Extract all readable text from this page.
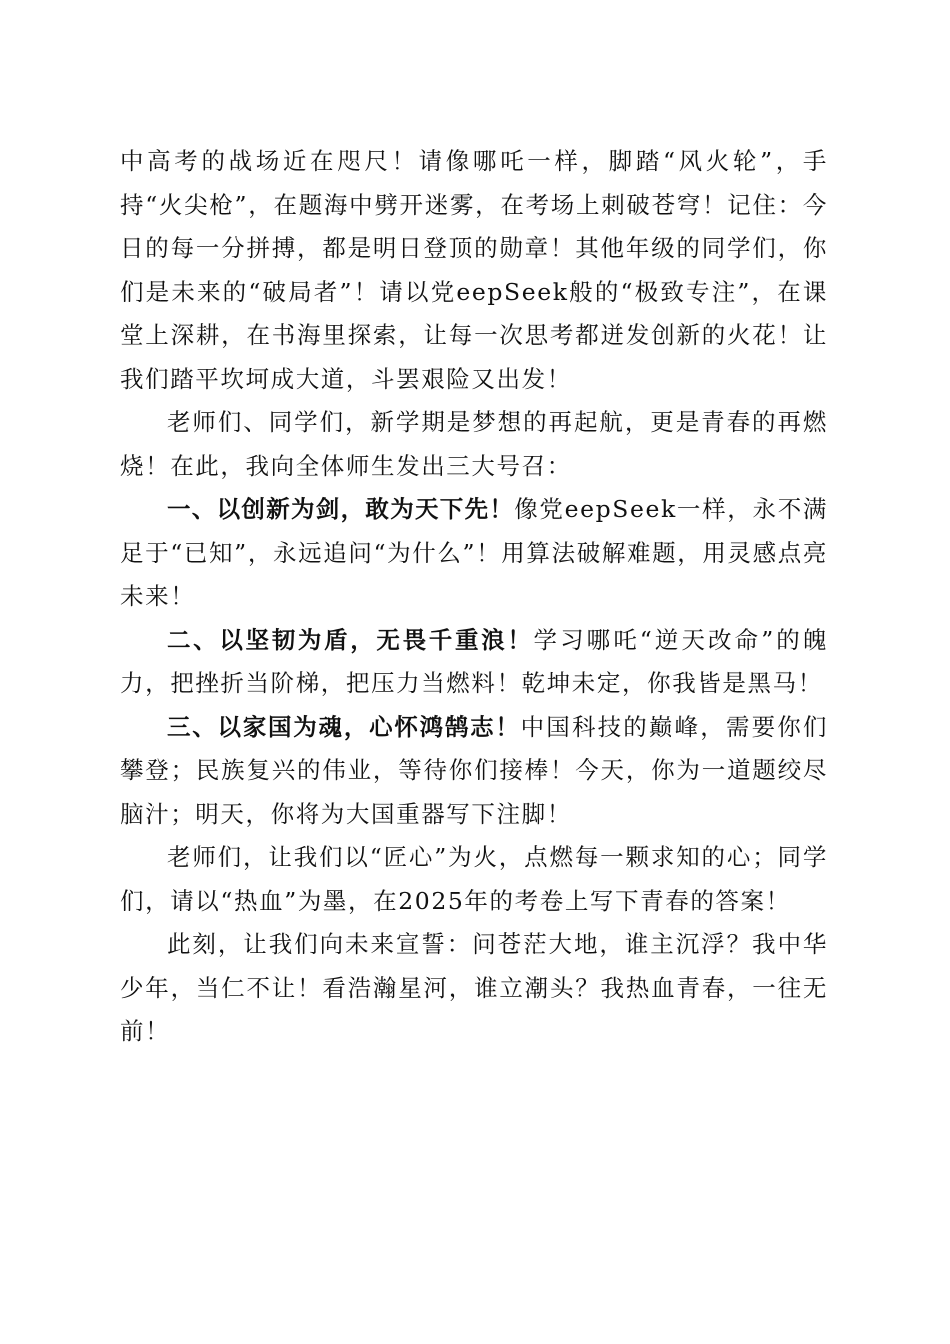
中高考的战场近在咫尺！请像哪吒一样，脚踏“风火轮”，手持“火尖枪”，在题海中劈开迷雾，在考场上刺破苍穹！记住：今日的每一分拼搏，都是明日登顶的勋章！其他年级的同学们，你们是未来的“破局者”！请以党eepSeek般的“极致专注”，在课堂上深耕，在书海里探索，让每一次思考都迸发创新的火花！让我们踏平坎坷成大道，斗罢艰险又出发！

老师们、同学们，新学期是梦想的再起航，更是青春的再燃烧！在此，我向全体师生发出三大号召：

一、以创新为剑，敢为天下先！像党eepSeek一样，永不满足于“已知”，永远追问“为什么”！用算法破解难题，用灵感点亮未来！

二、以坚韧为盾，无畏千重浪！学习哪吒“逆天改命”的魄力，把挫折当阶梯，把压力当燃料！乾坤未定，你我皆是黑马！

三、以家国为魂，心怀鸿鹄志！中国科技的巅峰，需要你们攀登；民族复兴的伟业，等待你们接棒！今天，你为一道题绞尽脑汁；明天，你将为大国重器写下注脚！

老师们，让我们以“匠心”为火，点燃每一颗求知的心；同学们，请以“热血”为墨，在2025年的考卷上写下青春的答案！

此刻，让我们向未来宣誓：问苍茫大地，谁主沉浮？我中华少年，当仁不让！看浩瀚星河，谁立潮头？我热血青春，一往无前！
